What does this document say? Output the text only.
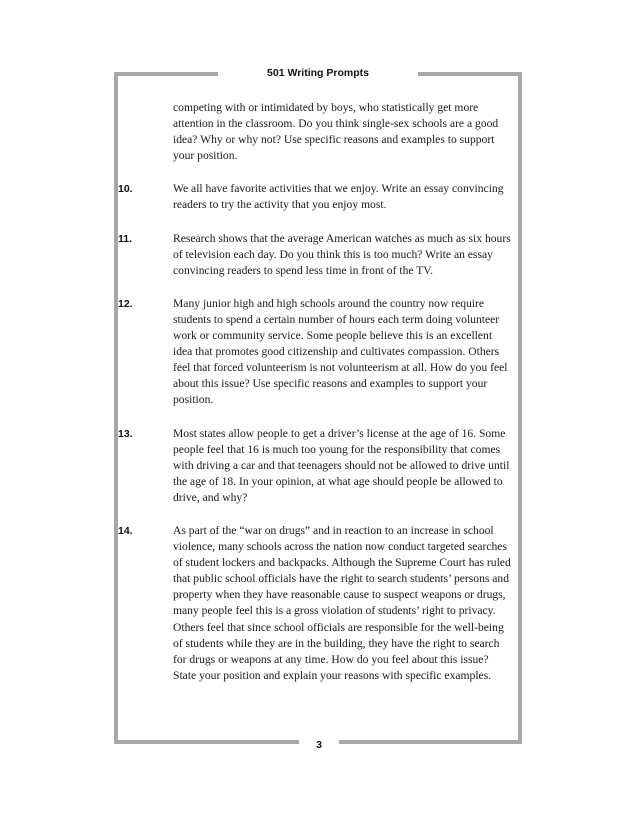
501 Writing Prompts

competing with or intimidated by boys, who statistically get more attention in the classroom. Do you think single-sex schools are a good idea? Why or why not? Use specific reasons and examples to support your position.

10.	We all have favorite activities that we enjoy. Write an essay convincing readers to try the activity that you enjoy most.
11.	Research shows that the average American watches as much as six hours of television each day. Do you think this is too much? Write an essay convincing readers to spend less time in front of the TV.
12.	Many junior high and high schools around the country now require students to spend a certain number of hours each term doing volunteer work or community service. Some people believe this is an excellent idea that promotes good citizenship and cultivates compassion. Others feel that forced volunteerism is not volunteerism at all. How do you feel about this issue? Use specific reasons and examples to support your position.
13.	Most states allow people to get a driver’s license at the age of 16. Some people feel that 16 is much too young for the responsibility that comes with driving a car and that teenagers should not be allowed to drive until the age of 18. In your opinion, at what age should people be allowed to drive, and why?
14.	As part of the “war on drugs” and in reaction to an increase in school violence, many schools across the nation now conduct targeted searches of student lockers and backpacks. Although the Supreme Court has ruled that public school officials have the right to search students’ persons and property when they have reasonable cause to suspect weapons or drugs, many people feel this is a gross violation of students’ right to privacy. Others feel that since school officials are responsible for the well-being of students while they are in the building, they have the right to search for drugs or weapons at any time. How do you feel about this issue? State your position and explain your reasons with specific examples.
3
